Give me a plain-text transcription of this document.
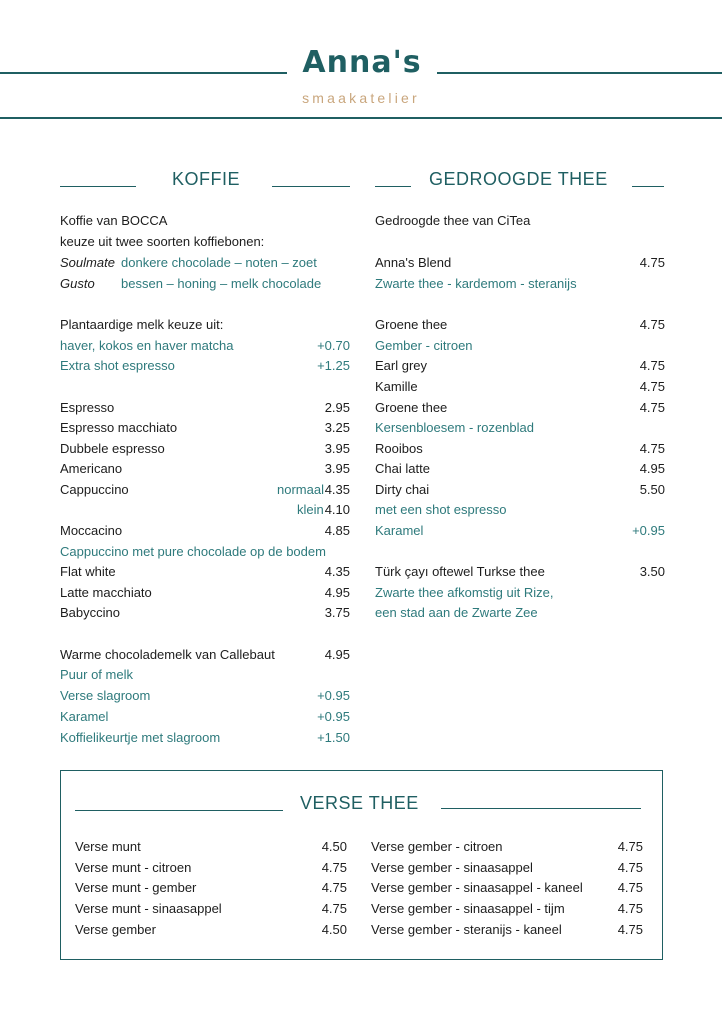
Anna's
smaakatelier
KOFFIE	GEDROOGDE THEE
Koffie van BOCCA
keuze uit twee soorten koffiebonen:
Soulmate donkere chocolade – noten – zoet
Gusto bessen – honing – melk chocolade
Plantaardige melk keuze uit:
haver, kokos en haver matcha	+0.70
Extra shot espresso	+1.25
Espresso	2.95
Espresso macchiato	3.25
Dubbele espresso	3.95
Americano	3.95
Cappuccino	normaal 4.35
klein 4.10
Moccacino	4.85
Cappuccino met pure chocolade op de bodem
Flat white	4.35
Latte macchiato	4.95
Babyccino	3.75
Warme chocolademelk van Callebaut	4.95
Puur of melk
Verse slagroom	+0.95
Karamel	+0.95
Koffielikeurtje met slagroom	+1.50
Gedroogde thee van CiTea
Anna's Blend	4.75
Zwarte thee - kardemom - steranijs
Groene thee	4.75
Gember - citroen
Earl grey	4.75
Kamille	4.75
Groene thee	4.75
Kersenbloesem - rozenblad
Rooibos	4.75
Chai latte	4.95
Dirty chai	5.50
met een shot espresso
Karamel	+0.95
Türk çayı oftewel Turkse thee	3.50
Zwarte thee afkomstig uit Rize,
een stad aan de Zwarte Zee
VERSE THEE
Verse munt	4.50
Verse munt - citroen	4.75
Verse munt - gember	4.75
Verse munt - sinaasappel	4.75
Verse gember	4.50
Verse gember - citroen	4.75
Verse gember - sinaasappel	4.75
Verse gember - sinaasappel - kaneel	4.75
Verse gember - sinaasappel - tijm	4.75
Verse gember - steranijs - kaneel	4.75
